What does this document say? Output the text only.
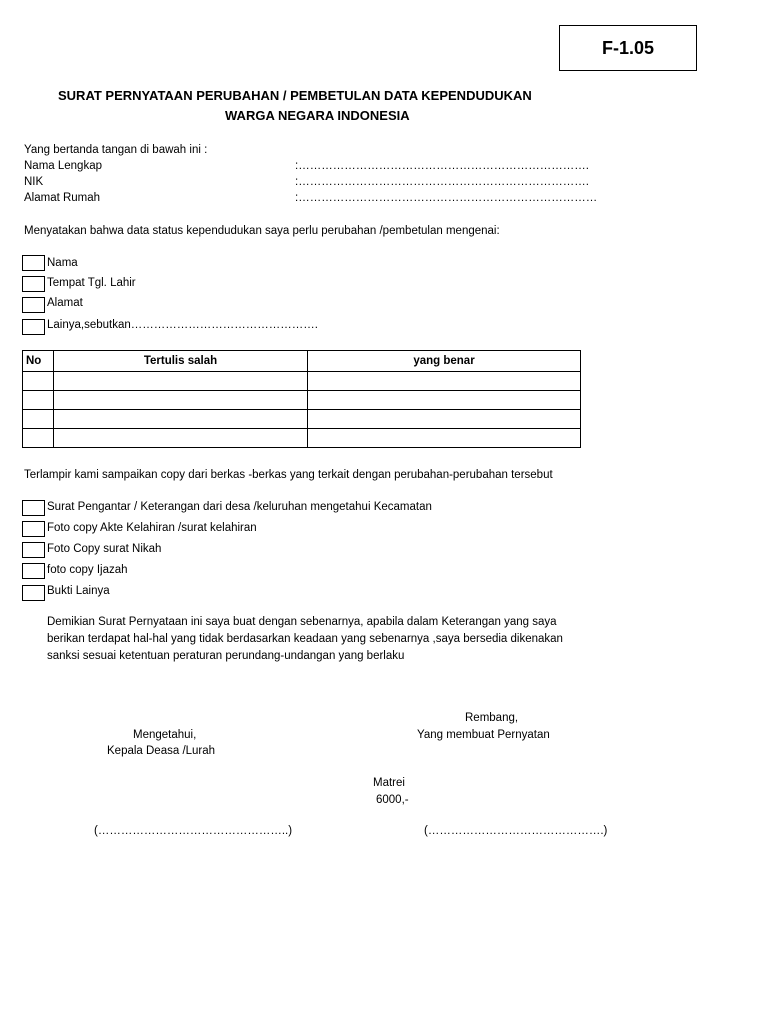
F-1.05
SURAT PERNYATAAN PERUBAHAN / PEMBETULAN DATA KEPENDUDUKAN
WARGA NEGARA INDONESIA
Yang bertanda tangan di bawah ini :
Nama Lengkap	:………………………………………………………………….
NIK	:………………………………………………………………….
Alamat Rumah	:……………………………………………………………………
Menyatakan bahwa data status kependudukan saya perlu perubahan /pembetulan mengenai:
Nama
Tempat Tgl. Lahir
Alamat
Lainya,sebutkan………………………………………….
No	Tertulis salah	yang benar

Terlampir kami sampaikan copy dari berkas -berkas yang terkait dengan perubahan-perubahan tersebut
Surat Pengantar / Keterangan dari desa /keluruhan mengetahui Kecamatan
Foto copy Akte Kelahiran /surat kelahiran
Foto Copy surat Nikah
foto copy Ijazah
Bukti Lainya
Demikian Surat Pernyataan ini saya buat dengan sebenarnya, apabila dalam Keterangan yang saya
berikan terdapat hal-hal yang tidak berdasarkan keadaan yang sebenarnya ,saya bersedia dikenakan
sanksi sesuai ketentuan peraturan perundang-undangan yang berlaku
Rembang,
Mengetahui,
Kepala Deasa /Lurah
Yang membuat Pernyatan
Matrei
6000,-
(…………………………………………..)	(……………………………………….)
